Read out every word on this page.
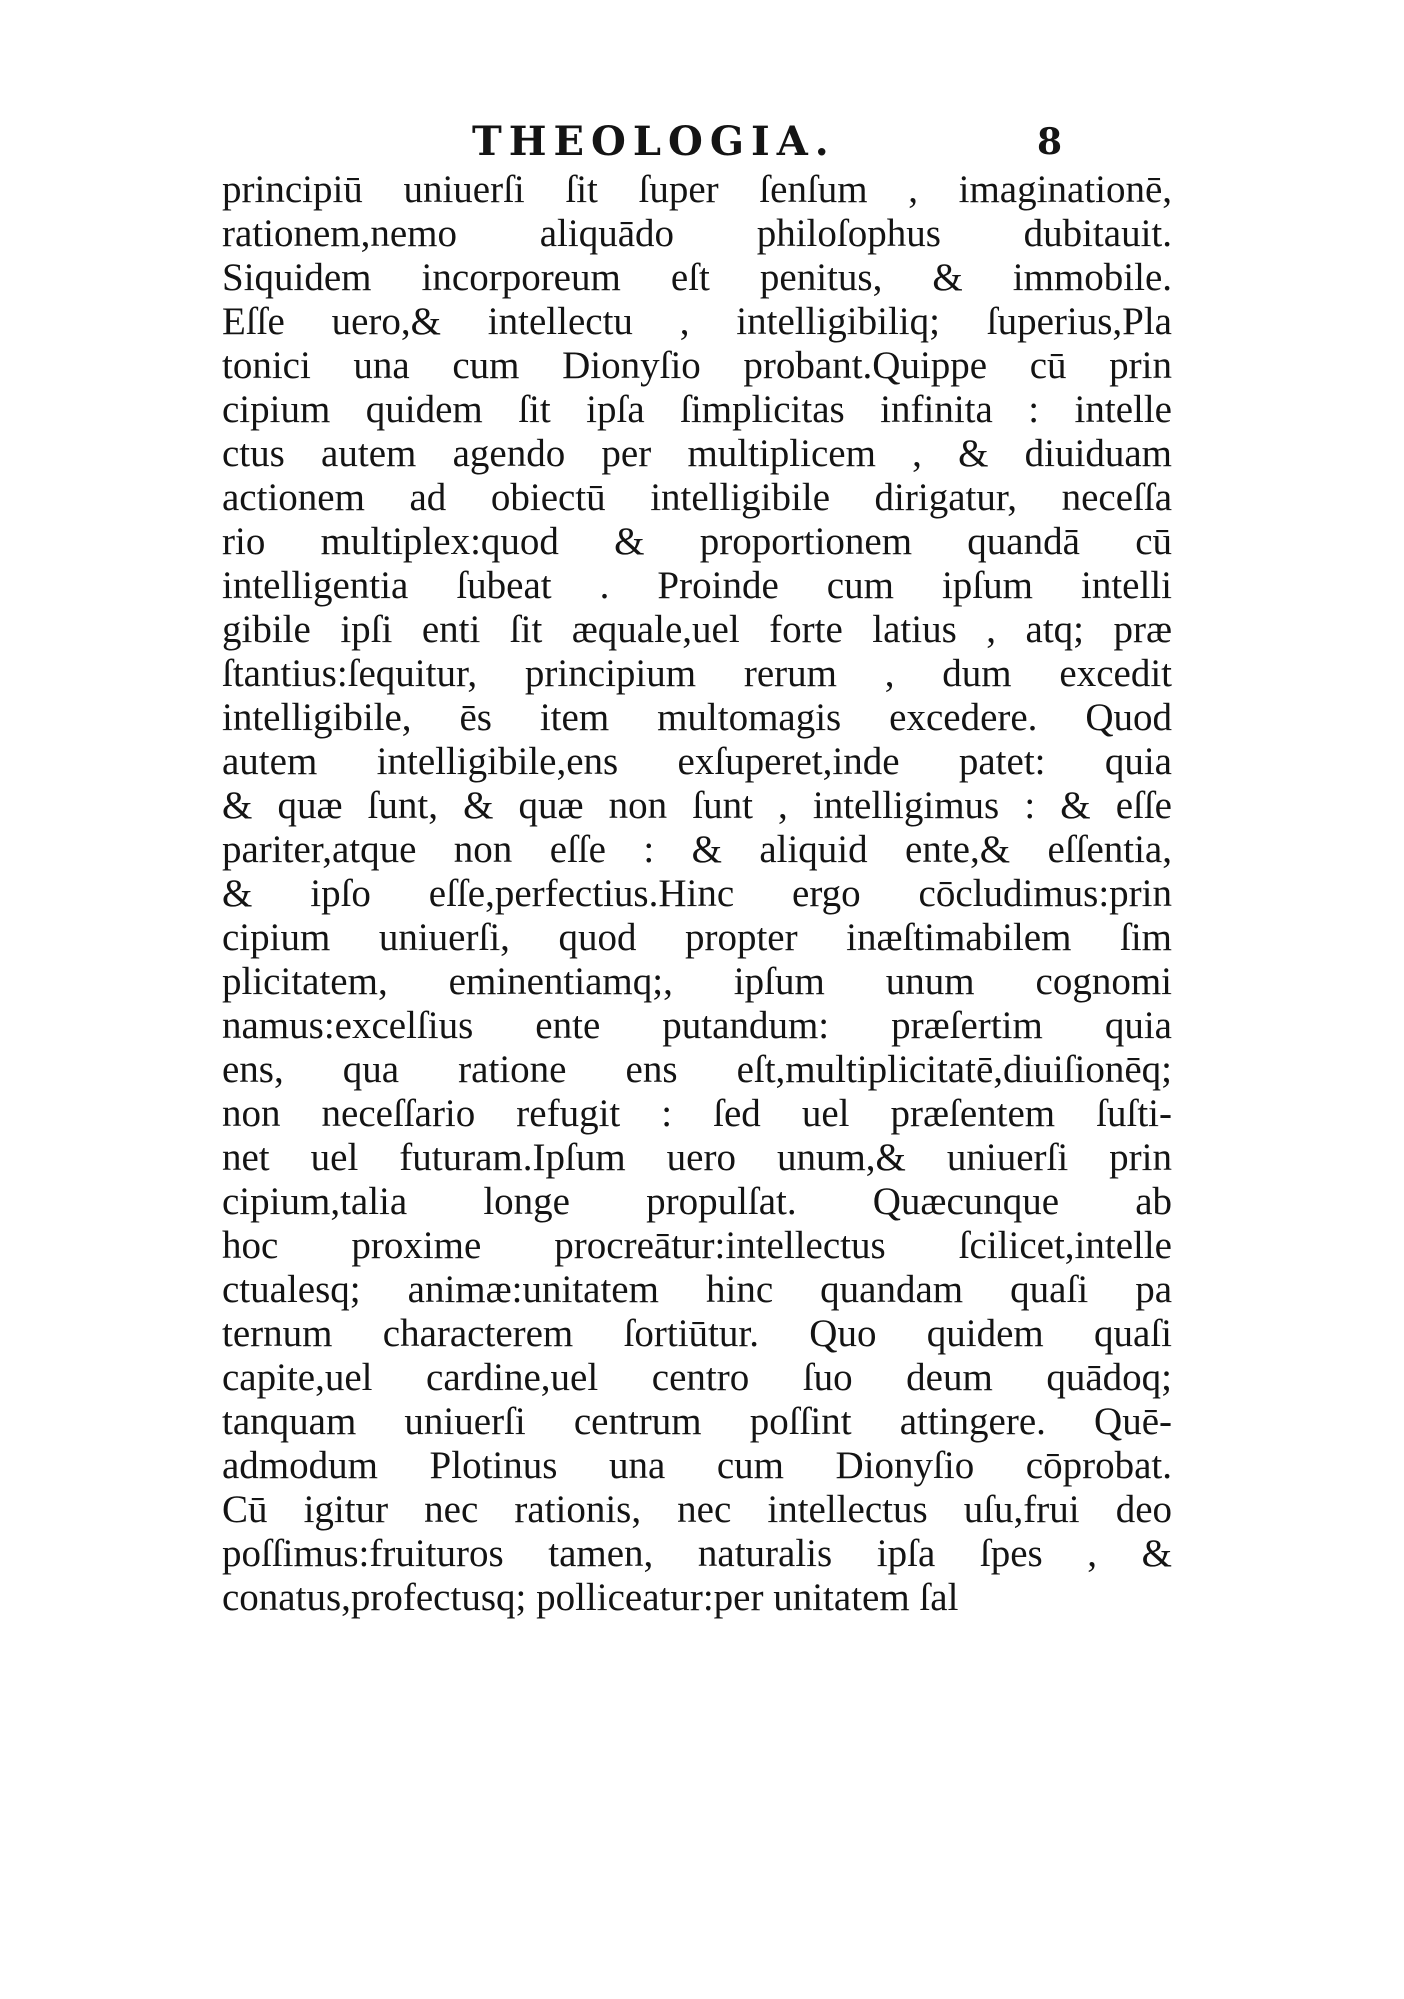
THEOLOGIA.	8
principiū uniuerſi ſit ſuper ſenſum , imaginationē,
rationem,nemo aliquādo philoſophus dubitauit.
Siquidem incorporeum eſt penitus, & immobile.
Eſſe uero,& intellectu , intelligibiliq; ſuperius,Pla
tonici una cum Dionyſio probant.Quippe cū prin
cipium quidem ſit ipſa ſimplicitas infinita : intelle
ctus autem agendo per multiplicem , & diuiduam
actionem ad obiectū intelligibile dirigatur, neceſſa
rio multiplex:quod & proportionem quandā cū
intelligentia ſubeat . Proinde cum ipſum intelli
gibile ipſi enti ſit æquale,uel forte latius , atq; præ
ſtantius:ſequitur, principium rerum , dum excedit
intelligibile, ēs item multomagis excedere. Quod
autem intelligibile,ens exſuperet,inde patet: quia
& quæ ſunt, & quæ non ſunt , intelligimus : & eſſe
pariter,atque non eſſe : & aliquid ente,& eſſentia,
& ipſo eſſe,perfectius.Hinc ergo cōcludimus:prin
cipium uniuerſi, quod propter inæſtimabilem ſim
plicitatem, eminentiamq;, ipſum unum cognomi
namus:excelſius ente putandum: præſertim quia
ens, qua ratione ens eſt,multiplicitatē,diuiſionēq;
non neceſſario refugit : ſed uel præſentem ſuſti-
net uel futuram.Ipſum uero unum,& uniuerſi prin
cipium,talia longe propulſat. Quæcunque ab
hoc proxime procreātur:intellectus ſcilicet,intelle
ctualesq; animæ:unitatem hinc quandam quaſi pa
ternum characterem ſortiūtur. Quo quidem quaſi
capite,uel cardine,uel centro ſuo deum quādoq;
tanquam uniuerſi centrum poſſint attingere. Quē-
admodum Plotinus una cum Dionyſio cōprobat.
Cū igitur nec rationis, nec intellectus uſu,frui deo
poſſimus:fruituros tamen, naturalis ipſa ſpes , &
conatus,profectusq; polliceatur:per unitatem ſal
